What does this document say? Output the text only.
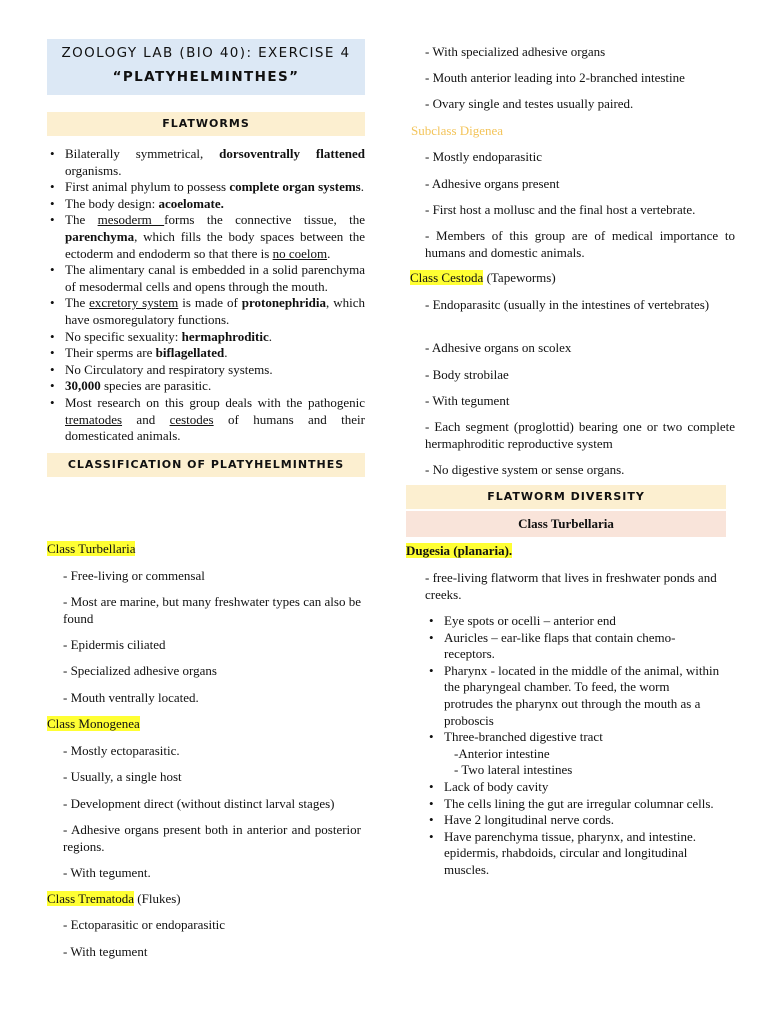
ZOOLOGY LAB (BIO 40): EXERCISE 4
“PLATYHELMINTHES”
FLATWORMS
• Bilaterally symmetrical, dorsoventrally flattened organisms.
• First animal phylum to possess complete organ systems.
• The body design: acoelomate.
• The mesoderm forms the connective tissue, the parenchyma, which fills the body spaces between the ectoderm and endoderm so that there is no coelom.
• The alimentary canal is embedded in a solid parenchyma of mesodermal cells and opens through the mouth.
• The excretory system is made of protonephridia, which have osmoregulatory functions.
• No specific sexuality: hermaphroditic.
• Their sperms are biflagellated.
• No Circulatory and respiratory systems.
• 30,000 species are parasitic.
• Most research on this group deals with the pathogenic trematodes and cestodes of humans and their domesticated animals.
CLASSIFICATION OF PLATYHELMINTHES
Class Turbellaria
- Free-living or commensal
- Most are marine, but many freshwater types can also be found
- Epidermis ciliated
- Specialized adhesive organs
- Mouth ventrally located.
Class Monogenea
- Mostly ectoparasitic.
- Usually, a single host
- Development direct (without distinct larval stages)
- Adhesive organs present both in anterior and posterior regions.
- With tegument.
Class Trematoda (Flukes)
- Ectoparasitic or endoparasitic
- With tegument
- With specialized adhesive organs
- Mouth anterior leading into 2-branched intestine
- Ovary single and testes usually paired.
Subclass Digenea
- Mostly endoparasitic
- Adhesive organs present
- First host a mollusc and the final host a vertebrate.
- Members of this group are of medical importance to humans and domestic animals.
Class Cestoda (Tapeworms)
- Endoparasitc (usually in the intestines of vertebrates)
- Adhesive organs on scolex
- Body strobilae
- With tegument
- Each segment (proglottid) bearing one or two complete hermaphroditic reproductive system
- No digestive system or sense organs.
FLATWORM DIVERSITY
Class Turbellaria
Dugesia (planaria).
- free-living flatworm that lives in freshwater ponds and creeks.
• Eye spots or ocelli – anterior end
• Auricles – ear-like flaps that contain chemo-receptors.
• Pharynx - located in the middle of the animal, within the pharyngeal chamber. To feed, the worm protrudes the pharynx out through the mouth as a proboscis
• Three-branched digestive tract
-Anterior intestine
- Two lateral intestines
• Lack of body cavity
• The cells lining the gut are irregular columnar cells.
• Have 2 longitudinal nerve cords.
• Have parenchyma tissue, pharynx, and intestine. epidermis, rhabdoids, circular and longitudinal muscles.
